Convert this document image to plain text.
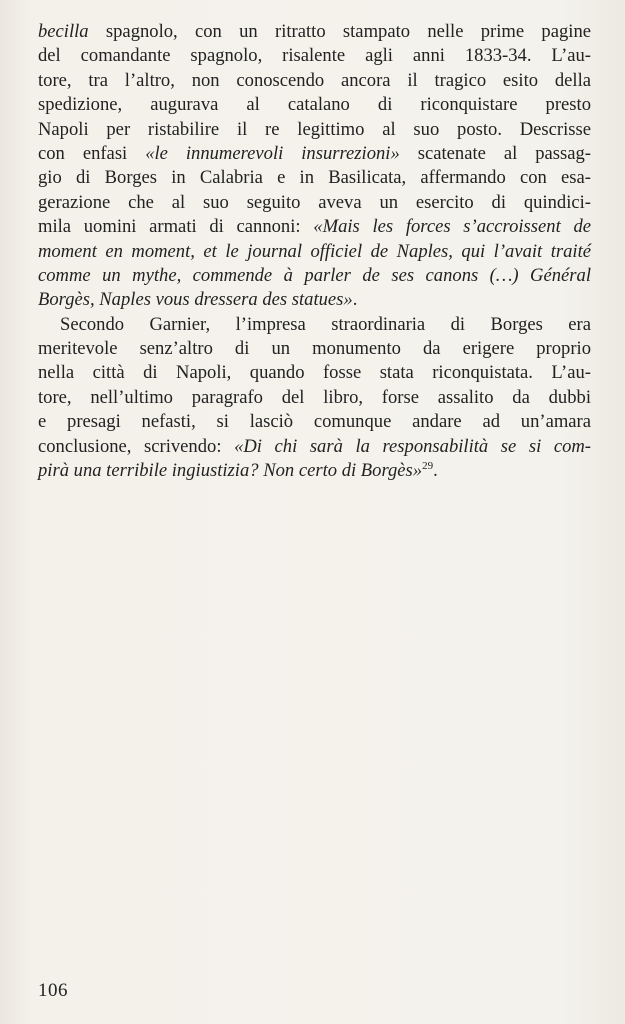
becilla spagnolo, con un ritratto stampato nelle prime pagine
del comandante spagnolo, risalente agli anni 1833-34. L’au-
tore, tra l’altro, non conoscendo ancora il tragico esito della
spedizione, augurava al catalano di riconquistare presto
Napoli per ristabilire il re legittimo al suo posto. Descrisse
con enfasi «le innumerevoli insurrezioni» scatenate al passag-
gio di Borges in Calabria e in Basilicata, affermando con esa-
gerazione che al suo seguito aveva un esercito di quindici-
mila uomini armati di cannoni: «Mais les forces s’accroissent de
moment en moment, et le journal officiel de Naples, qui l’avait traité
comme un mythe, commende à parler de ses canons (…) Général
Borgès, Naples vous dressera des statues».
Secondo Garnier, l’impresa straordinaria di Borges era
meritevole senz’altro di un monumento da erigere proprio
nella città di Napoli, quando fosse stata riconquistata. L’au-
tore, nell’ultimo paragrafo del libro, forse assalito da dubbi
e presagi nefasti, si lasciò comunque andare ad un’amara
conclusione, scrivendo: «Di chi sarà la responsabilità se si com-
pirà una terribile ingiustizia? Non certo di Borgès»$^{29}$.
106
